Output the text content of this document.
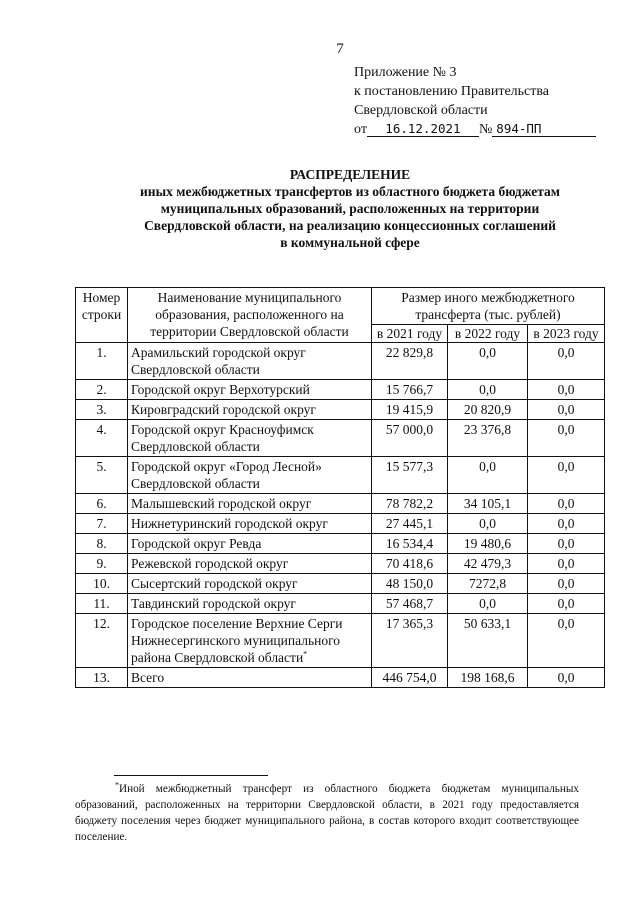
7
Приложение № 3
к постановлению Правительства
Свердловской области
от 16.12.2021 № 894-ПП
РАСПРЕДЕЛЕНИЕ
иных межбюджетных трансфертов из областного бюджета бюджетам
муниципальных образований, расположенных на территории
Свердловской области, на реализацию концессионных соглашений
в коммунальной сфере
Номер строки	Наименование муниципального образования, расположенного на территории Свердловской области	Размер иного межбюджетного трансферта (тыс. рублей)		
		в 2021 году	в 2022 году	в 2023 году
1.	Арамильский городской округ Свердловской области	22 829,8	0,0	0,0
2.	Городской округ Верхотурский	15 766,7	0,0	0,0
3.	Кировградский городской округ	19 415,9	20 820,9	0,0
4.	Городской округ Красноуфимск Свердловской области	57 000,0	23 376,8	0,0
5.	Городской округ «Город Лесной» Свердловской области	15 577,3	0,0	0,0
6.	Малышевский городской округ	78 782,2	34 105,1	0,0
7.	Нижнетуринский городской округ	27 445,1	0,0	0,0
8.	Городской округ Ревда	16 534,4	19 480,6	0,0
9.	Режевской городской округ	70 418,6	42 479,3	0,0
10.	Сысертский городской округ	48 150,0	7272,8	0,0
11.	Тавдинский городской округ	57 468,7	0,0	0,0
12.	Городское поселение Верхние Серги Нижнесергинского муниципального района Свердловской области*	17 365,3	50 633,1	0,0
13.	Всего	446 754,0	198 168,6	0,0
*Иной межбюджетный трансферт из областного бюджета бюджетам муниципальных образований, расположенных на территории Свердловской области, в 2021 году предоставляется бюджету поселения через бюджет муниципального района, в состав которого входит соответствующее поселение.
